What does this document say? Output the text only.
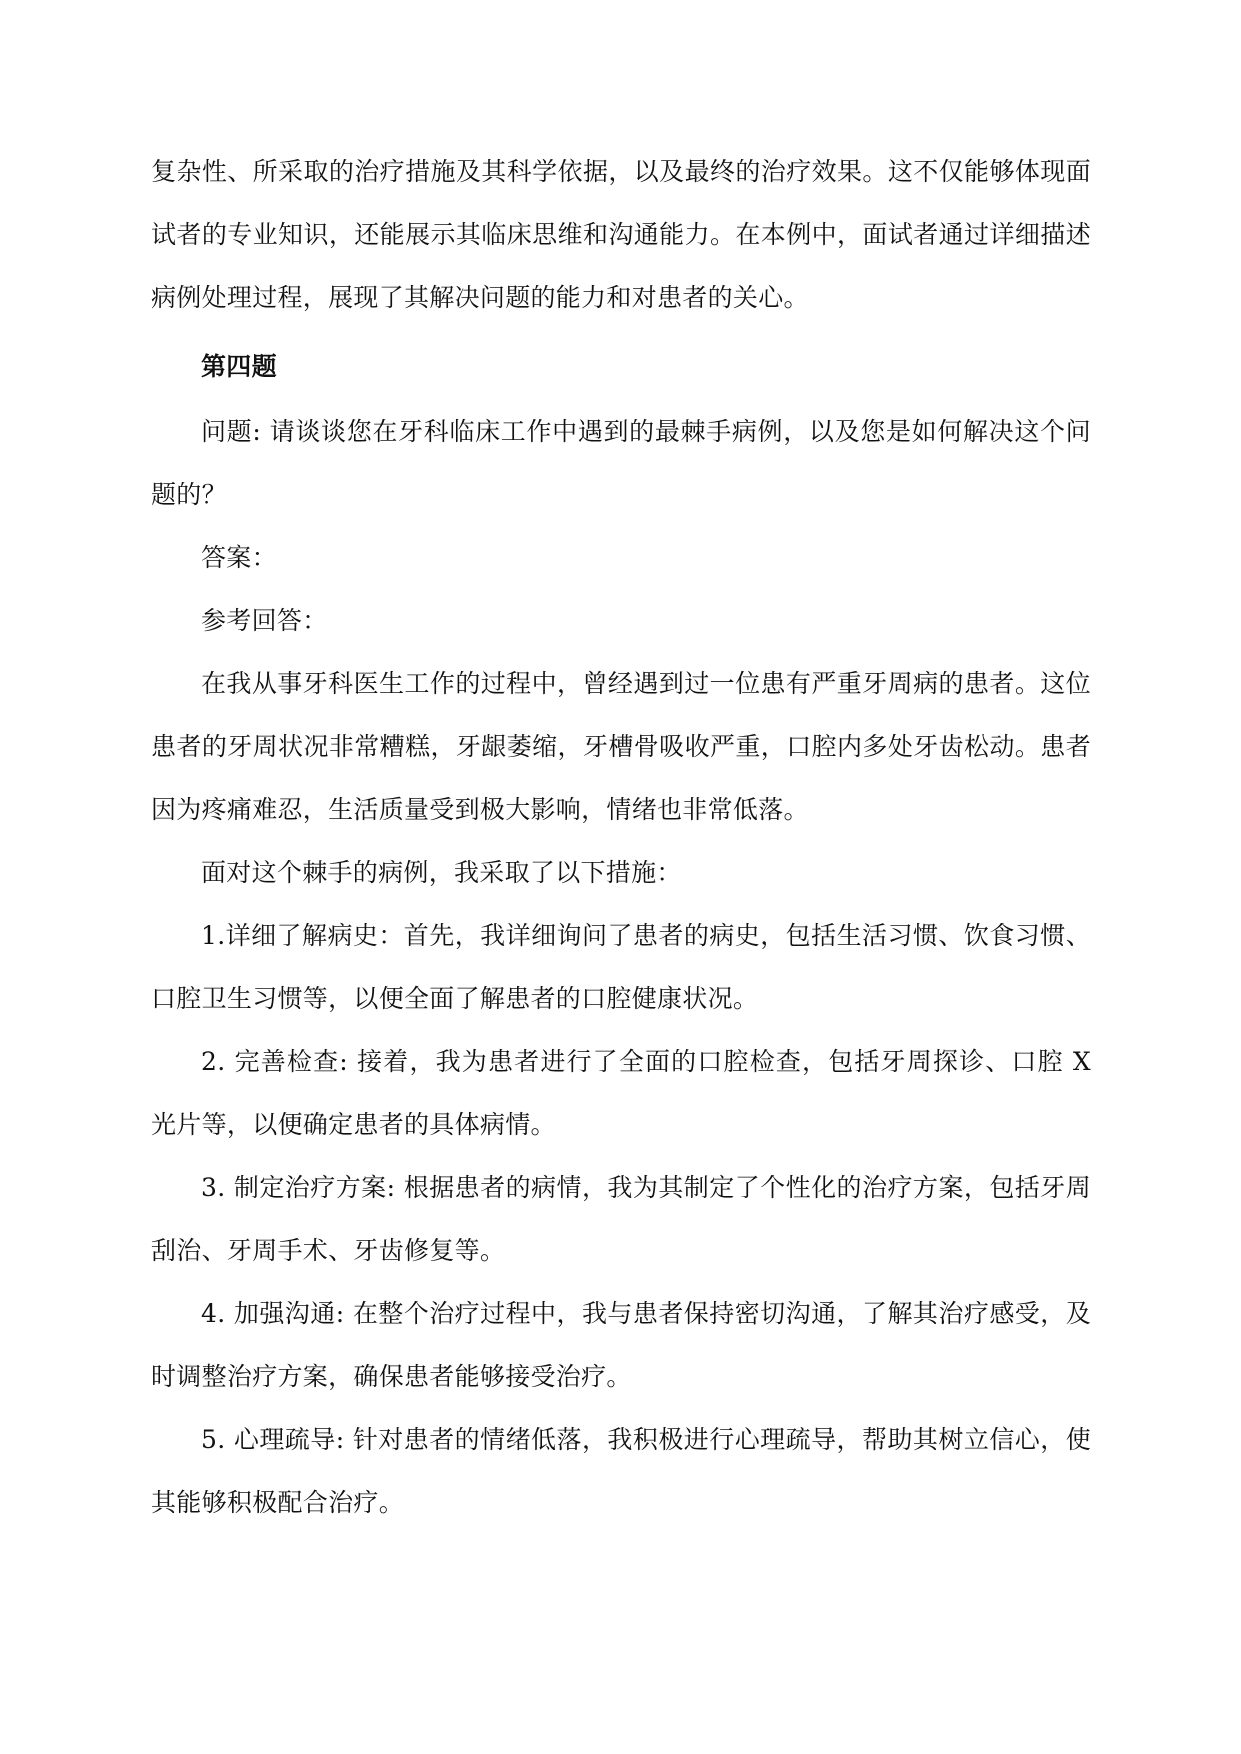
复杂性、所采取的治疗措施及其科学依据，以及最终的治疗效果。这不仅能够体现面试者的专业知识，还能展示其临床思维和沟通能力。在本例中，面试者通过详细描述病例处理过程，展现了其解决问题的能力和对患者的关心。

第四题

问题: 请谈谈您在牙科临床工作中遇到的最棘手病例，以及您是如何解决这个问题的？

答案：

参考回答：

在我从事牙科医生工作的过程中，曾经遇到过一位患有严重牙周病的患者。这位患者的牙周状况非常糟糕，牙龈萎缩，牙槽骨吸收严重，口腔内多处牙齿松动。患者因为疼痛难忍，生活质量受到极大影响，情绪也非常低落。

面对这个棘手的病例，我采取了以下措施：

1.详细了解病史：首先，我详细询问了患者的病史，包括生活习惯、饮食习惯、口腔卫生习惯等，以便全面了解患者的口腔健康状况。

2. 完善检查: 接着，我为患者进行了全面的口腔检查，包括牙周探诊、口腔 X 光片等，以便确定患者的具体病情。

3. 制定治疗方案: 根据患者的病情，我为其制定了个性化的治疗方案，包括牙周刮治、牙周手术、牙齿修复等。

4. 加强沟通: 在整个治疗过程中，我与患者保持密切沟通，了解其治疗感受，及时调整治疗方案，确保患者能够接受治疗。

5. 心理疏导: 针对患者的情绪低落，我积极进行心理疏导，帮助其树立信心，使其能够积极配合治疗。
